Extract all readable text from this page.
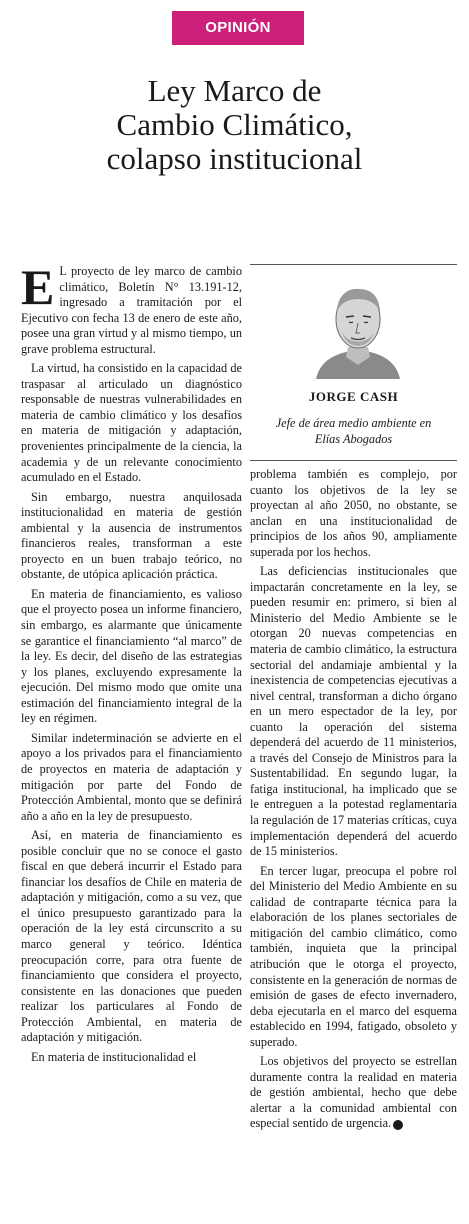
OPINIÓN
Ley Marco de
Cambio Climático,
colapso institucional

E L proyecto de ley marco de cambio climático, Boletín N° 13.191-12, ingresado a tramitación por el Ejecutivo con fecha 13 de enero de este año, posee una gran virtud y al mismo tiempo, un grave problema estructural.

La virtud, ha consistido en la capacidad de traspasar al articulado un diagnóstico responsable de nuestras vulnerabilidades en materia de cambio climático y los desafíos en materia de mitigación y adaptación, provenientes principalmente de la ciencia, la academia y de un relevante conocimiento acumulado en el Estado.

Sin embargo, nuestra anquilosada institucionalidad en materia de gestión ambiental y la ausencia de instrumentos financieros reales, transforman a este proyecto en un buen trabajo teórico, no obstante, de utópica aplicación práctica.

En materia de financiamiento, es valioso que el proyecto posea un informe financiero, sin embargo, es alarmante que únicamente se garantice el financiamiento “al marco” de la ley. Es decir, del diseño de las estrategias y los planes, excluyendo expresamente la ejecución. Del mismo modo que omite una estimación del financiamiento integral de la ley en régimen.

Similar indeterminación se advierte en el apoyo a los privados para el financiamiento de proyectos en materia de adaptación y mitigación por parte del Fondo de Protección Ambiental, monto que se definirá año a año en la ley de presupuesto.

Así, en materia de financiamiento es posible concluir que no se conoce el gasto fiscal en que deberá incurrir el Estado para financiar los desafíos de Chile en materia de adaptación y mitigación, como a su vez, que el único presupuesto garantizado para la operación de la ley está circunscrito a su marco general y teórico. Idéntica preocupación corre, para otra fuente de financiamiento que considera el proyecto, consistente en las donaciones que pueden realizar los particulares al Fondo de Protección Ambiental, en materia de adaptación y mitigación.

En materia de institucionalidad el

JORGE CASH
Jefe de área medio ambiente en
Elías Abogados

problema también es complejo, por cuanto los objetivos de la ley se proyectan al año 2050, no obstante, se anclan en una institucionalidad de principios de los años 90, ampliamente superada por los hechos.

Las deficiencias institucionales que impactarán concretamente en la ley, se pueden resumir en: primero, si bien al Ministerio del Medio Ambiente se le otorgan 20 nuevas competencias en materia de cambio climático, la estructura sectorial del andamiaje ambiental y la inexistencia de competencias ejecutivas a nivel central, transforman a dicho órgano en un mero espectador de la ley, por cuanto la operación del sistema dependerá del acuerdo de 11 ministerios, a través del Consejo de Ministros para la Sustentabilidad. En segundo lugar, la fatiga institucional, ha implicado que se le entreguen a la potestad reglamentaria la regulación de 17 materias críticas, cuya implementación dependerá del acuerdo de 15 ministerios.

En tercer lugar, preocupa el pobre rol del Ministerio del Medio Ambiente en su calidad de contraparte técnica para la elaboración de los planes sectoriales de mitigación del cambio climático, como también, inquieta que la principal atribución que le otorga el proyecto, consistente en la generación de normas de emisión de gases de efecto invernadero, deba ejecutarla en el marco del esquema establecido en 1994, fatigado, obsoleto y superado.

Los objetivos del proyecto se estrellan duramente contra la realidad en materia de gestión ambiental, hecho que debe alertar a la comunidad ambiental con especial sentido de urgencia. P
